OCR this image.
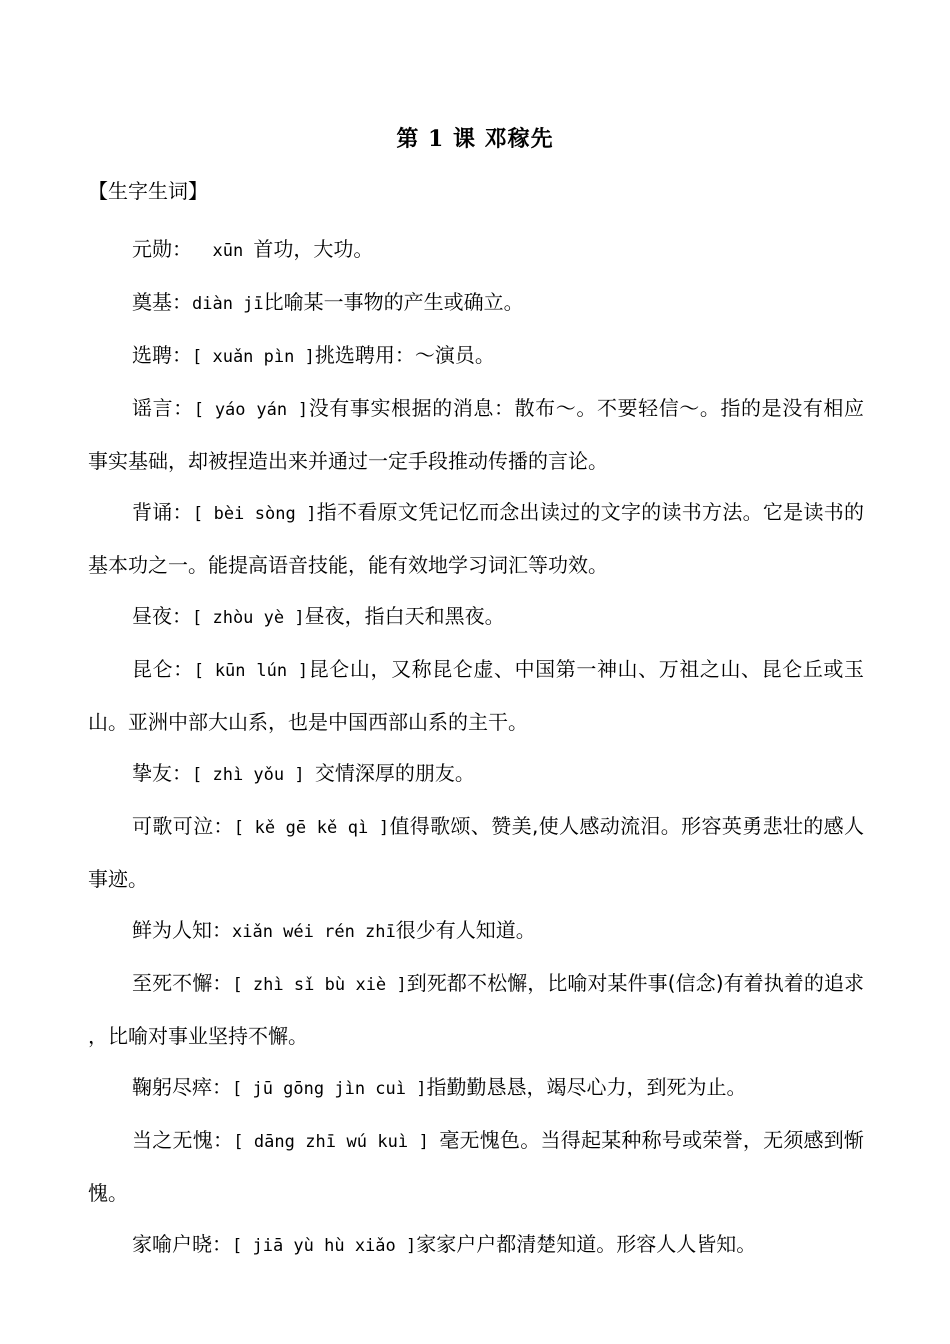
第 1 课 邓稼先
【生字生词】

元勋：  xūn 首功，大功。

奠基：diàn jī比喻某一事物的产生或确立。

选聘：[ xuǎn pìn ]挑选聘用：～演员。

谣言：[ yáo yán ]没有事实根据的消息：散布～。不要轻信～。指的是没有相应事实基础，却被捏造出来并通过一定手段推动传播的言论。

背诵：[ bèi sòng ]指不看原文凭记忆而念出读过的文字的读书方法。它是读书的基本功之一。能提高语音技能，能有效地学习词汇等功效。

昼夜：[ zhòu yè ]昼夜，指白天和黑夜。

昆仑：[ kūn lún ]昆仑山，又称昆仑虚、中国第一神山、万祖之山、昆仑丘或玉山。亚洲中部大山系，也是中国西部山系的主干。

挚友：[ zhì yǒu ] 交情深厚的朋友。

可歌可泣：[ kě gē kě qì ]值得歌颂、赞美,使人感动流泪。形容英勇悲壮的感人事迹。

鲜为人知：xiǎn wéi rén zhī很少有人知道。

至死不懈：[ zhì sǐ bù xiè ]到死都不松懈，比喻对某件事(信念)有着执着的追求 ，比喻对事业坚持不懈。

鞠躬尽瘁：[ jū gōng jìn cuì ]指勤勤恳恳，竭尽心力，到死为止。

当之无愧：[ dāng zhī wú kuì ] 毫无愧色。当得起某种称号或荣誉，无须感到惭愧。

家喻户晓：[ jiā yù hù xiǎo ]家家户户都清楚知道。形容人人皆知。
